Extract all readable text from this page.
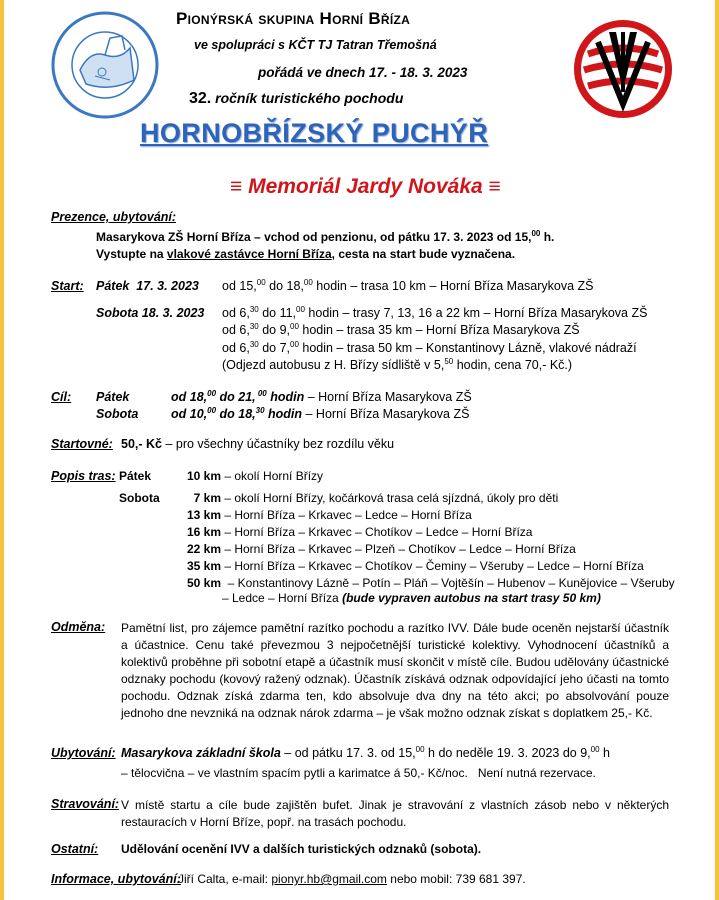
Pionýrská skupina Horní Bříza
ve spolupráci s KČT TJ Tatran Třemošná
pořádá ve dnech 17. - 18. 3. 2023
32. ročník turistického pochodu
HORNOBŘÍZSKÝ PUCHÝŘ
≡ Memoriál Jardy Nováka ≡
Prezence, ubytování:
Masarykova ZŠ Horní Bříza – vchod od penzionu, od pátku 17. 3. 2023 od 15,00 h.
Vystupte na vlakové zastávce Horní Bříza, cesta na start bude vyznačena.
Start: Pátek  17. 3. 2023 od 15,00 do 18,00 hodin – trasa 10 km – Horní Bříza Masarykova ZŠ
Sobota 18. 3. 2023 od 6,30 do 11,00 hodin – trasy 7, 13, 16 a 22 km – Horní Bříza Masarykova ZŠ
od 6,30 do 9,00 hodin – trasa 35 km – Horní Bříza Masarykova ZŠ
od 6,30 do 7,00 hodin – trasa 50 km – Konstantinovy Lázně, vlakové nádraží
(Odjezd autobusu z H. Břízy sídliště v 5,50 hodin, cena 70,- Kč.)
Cíl: Pátek	od 18,00 do 21, $^{00}$ hodin – Horní Bříza Masarykova ZŠ
Sobota	od 10,00 do 18,30 hodin – Horní Bříza Masarykova ZŠ
Startovné: 50,- Kč – pro všechny účastníky bez rozdílu věku
Popis tras: Pátek	10 km – okolí Horní Břízy
Sobota	7 km – okolí Horní Břízy, kočárková trasa celá sjízdná, úkoly pro děti
13 km – Horní Bříza – Krkavec – Ledce – Horní Bříza
16 km – Horní Bříza – Krkavec – Chotíkov – Ledce – Horní Bříza
22 km – Horní Bříza – Krkavec – Plzeň – Chotíkov – Ledce – Horní Bříza
35 km – Horní Bříza – Krkavec – Chotíkov – Čeminy – Všeruby – Ledce – Horní Bříza
50 km  – Konstantinovy Lázně – Potín – Pláň – Vojtěšín – Hubenov – Kunějovice – Všeruby
– Ledce – Horní Bříza (bude vypraven autobus na start trasy 50 km)
Odměna: Pamětní list, pro zájemce pamětní razítko pochodu a razítko IVV. Dále bude oceněn nejstarší účastník a účastnice. Cenu také převezmou 3 nejpočetnější turistické kolektivy. Vyhodnocení účastníků a kolektivů proběhne při sobotní etapě a účastník musí skončit v místě cíle. Budou udělovány účastnické odznaky pochodu (kovový ražený odznak). Účastník získává odznak odpovídající jeho účasti na tomto pochodu. Odznak získá zdarma ten, kdo absolvuje dva dny na této akci; po absolvování pouze jednoho dne nevzniká na odznak nárok zdarma – je však možno odznak získat s doplatkem 25,- Kč.
Ubytování: Masarykova základní škola – od pátku 17. 3. od 15,00 h do neděle 19. 3. 2023 do 9,00 h
– tělocvična – ve vlastním spacím pytli a karimatce á 50,- Kč/noc.   Není nutná rezervace.
Stravování: V místě startu a cíle bude zajištěn bufet. Jinak je stravování z vlastních zásob nebo v některých restauracích v Horní Bříze, popř. na trasách pochodu.
Ostatní: Udělování ocenění IVV a dalších turistických odznaků (sobota).
Informace, ubytování:
Jiří Calta, e-mail: pionyr.hb@gmail.com nebo mobil: 739 681 397.
